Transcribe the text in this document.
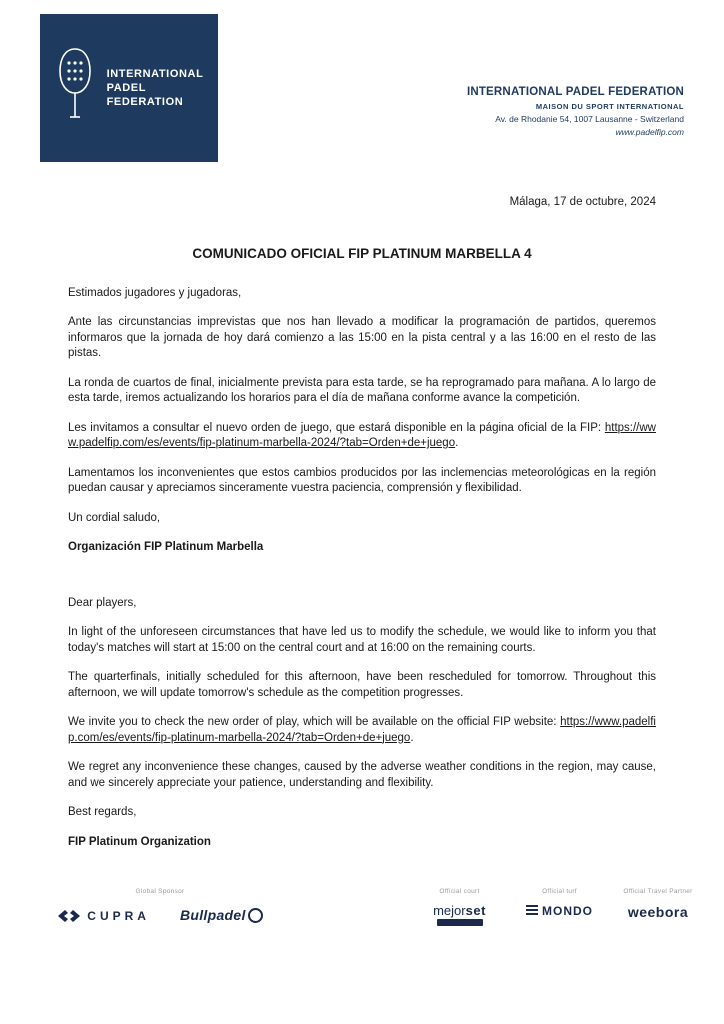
INTERNATIONAL
PADEL
FEDERATION
INTERNATIONAL PADEL FEDERATION
MAISON DU SPORT INTERNATIONAL
Av. de Rhodanie 54, 1007 Lausanne - Switzerland
www.padelfip.com
Málaga, 17 de octubre, 2024
COMUNICADO OFICIAL FIP PLATINUM MARBELLA 4

Estimados jugadores y jugadoras,

Ante las circunstancias imprevistas que nos han llevado a modificar la programación de partidos, queremos informaros que la jornada de hoy dará comienzo a las 15:00 en la pista central y a las 16:00 en el resto de las pistas.

La ronda de cuartos de final, inicialmente prevista para esta tarde, se ha reprogramado para mañana. A lo largo de esta tarde, iremos actualizando los horarios para el día de mañana conforme avance la competición.

Les invitamos a consultar el nuevo orden de juego, que estará disponible en la página oficial de la FIP: https://www.padelfip.com/es/events/fip-platinum-marbella-2024/?tab=Orden+de+juego.

Lamentamos los inconvenientes que estos cambios producidos por las inclemencias meteorológicas en la región puedan causar y apreciamos sinceramente vuestra paciencia, comprensión y flexibilidad.

Un cordial saludo,

Organización FIP Platinum Marbella

Dear players,

In light of the unforeseen circumstances that have led us to modify the schedule, we would like to inform you that today's matches will start at 15:00 on the central court and at 16:00 on the remaining courts.

The quarterfinals, initially scheduled for this afternoon, have been rescheduled for tomorrow. Throughout this afternoon, we will update tomorrow's schedule as the competition progresses.

We invite you to check the new order of play, which will be available on the official FIP website: https://www.padelfip.com/es/events/fip-platinum-marbella-2024/?tab=Orden+de+juego.

We regret any inconvenience these changes, caused by the adverse weather conditions in the region, may cause, and we sincerely appreciate your patience, understanding and flexibility.

Best regards,

FIP Platinum Organization

Global Sponsor
CUPRA Bullpadel
Official court
mejorset
Official turf
MONDO
Official Travel Partner
weebora
